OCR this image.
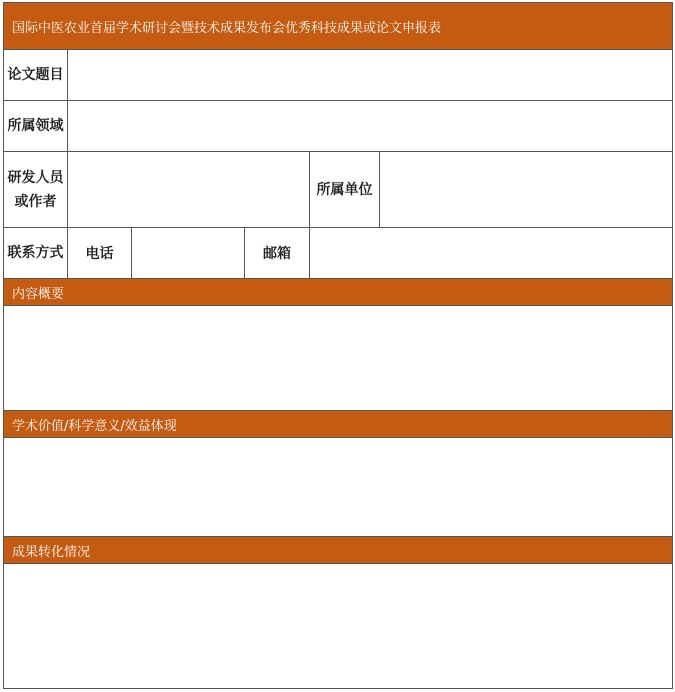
国际中医农业首届学术研讨会暨技术成果发布会优秀科技成果或论文申报表					
论文题目					
所属领域					
研发人员或作者				所属单位	
联系方式	电话		邮箱		
内容概要					

学术价值/科学意义/效益体现					

成果转化情况					
